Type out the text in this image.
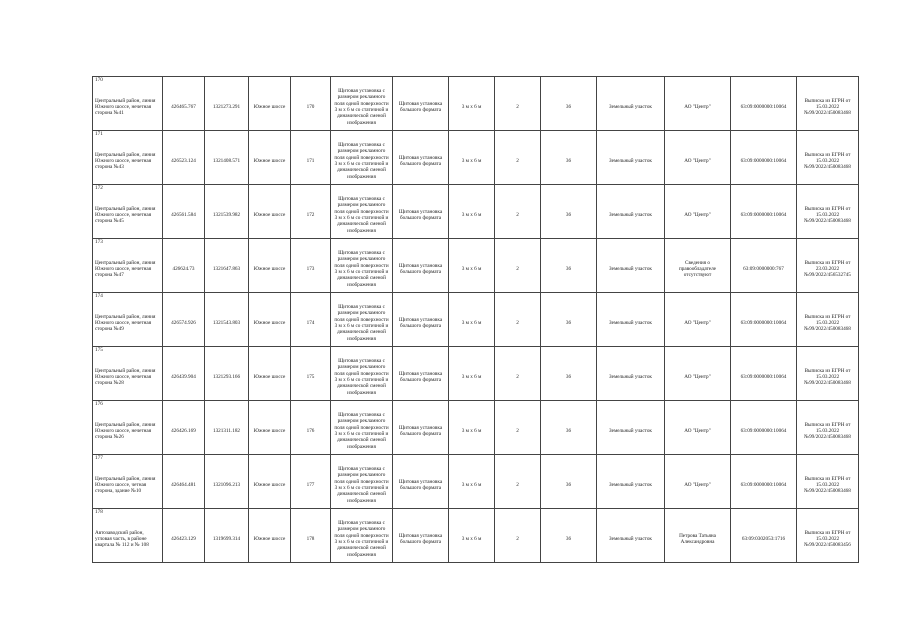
170													
Центральный район, линия Южного шоссе, нечетная сторона №41	426465.767	1321273.291	Южное шоссе	170	Щитовая установка с размером рекламного поля одной поверхности 3 м х 6 м со статичной и динамической сменой изображения	Щитовая установка большого формата	3 м х 6 м	2	36	Земельный участок	АО "Центр"	63:09:0000000:10064	Выписка из ЕГРН от 15.03.2022 №99/2022/450083468
171													
Центральный район, линия Южного шоссе, нечетная сторона №43	426523.124	1321408.571	Южное шоссе	171	Щитовая установка с размером рекламного поля одной поверхности 3 м х 6 м со статичной и динамической сменой изображения	Щитовая установка большого формата	3 м х 6 м	2	36	Земельный участок	АО "Центр"	63:09:0000000:10064	Выписка из ЕГРН от 15.03.2022 №99/2022/450083468
172													
Центральный район, линия Южного шоссе, нечетная сторона №45	426561.584	1321539.982	Южное шоссе	172	Щитовая установка с размером рекламного поля одной поверхности 3 м х 6 м со статичной и динамической сменой изображения	Щитовая установка большого формата	3 м х 6 м	2	36	Земельный участок	АО "Центр"	63:09:0000000:10064	Выписка из ЕГРН от 15.03.2022 №99/2022/450083468
173													
Центральный район, линия Южного шоссе, нечетная сторона №47	426624.73	1321647.863	Южное шоссе	173	Щитовая установка с размером рекламного поля одной поверхности 3 м х 6 м со статичной и динамической сменой изображения	Щитовая установка большого формата	3 м х 6 м	2	36	Земельный участок	Сведения о правообладателе отсутствуют	63:09:0000000:767	Выписка из ЕГРН от 23.03.2022 №99/2022/456532745
174													
Центральный район, линия Южного шоссе, нечетная сторона №49	426574.926	1321543.803	Южное шоссе	174	Щитовая установка с размером рекламного поля одной поверхности 3 м х 6 м со статичной и динамической сменой изображения	Щитовая установка большого формата	3 м х 6 м	2	36	Земельный участок	АО "Центр"	63:09:0000000:10064	Выписка из ЕГРН от 15.03.2022 №99/2022/450083468
175													
Центральный район, линия Южного шоссе, нечетная сторона №28	426439.904	1321293.166	Южное шоссе	175	Щитовая установка с размером рекламного поля одной поверхности 3 м х 6 м со статичной и динамической сменой изображения	Щитовая установка большого формата	3 м х 6 м	2	36	Земельный участок	АО "Центр"	63:09:0000000:10064	Выписка из ЕГРН от 15.03.2022 №99/2022/450083468
176													
Центральный район, линия Южного шоссе, нечетная сторона №26	426426.169	1321311.182	Южное шоссе	176	Щитовая установка с размером рекламного поля одной поверхности 3 м х 6 м со статичной и динамической сменой изображения	Щитовая установка большого формата	3 м х 6 м	2	36	Земельный участок	АО "Центр"	63:09:0000000:10064	Выписка из ЕГРН от 15.03.2022 №99/2022/450083468
177													
Центральный район, линия Южного шоссе, четная сторона, здание №10	426464.481	1321096.213	Южное шоссе	177	Щитовая установка с размером рекламного поля одной поверхности 3 м х 6 м со статичной и динамической сменой изображения	Щитовая установка большого формата	3 м х 6 м	2	36	Земельный участок	АО "Центр"	63:09:0000000:10064	Выписка из ЕГРН от 15.03.2022 №99/2022/450083468
178													
Автозаводский район, угловая часть, в районе квартала № 112 и № 108	426423.129	1319699.314	Южное шоссе	178	Щитовая установка с размером рекламного поля одной поверхности 3 м х 6 м со статичной и динамической сменой изображения	Щитовая установка большого формата	3 м х 6 м	2	36	Земельный участок	Петрова Татьяна Александровна	63:09:0302053:1716	Выписка из ЕГРН от 15.03.2022 №99/2022/450083456
